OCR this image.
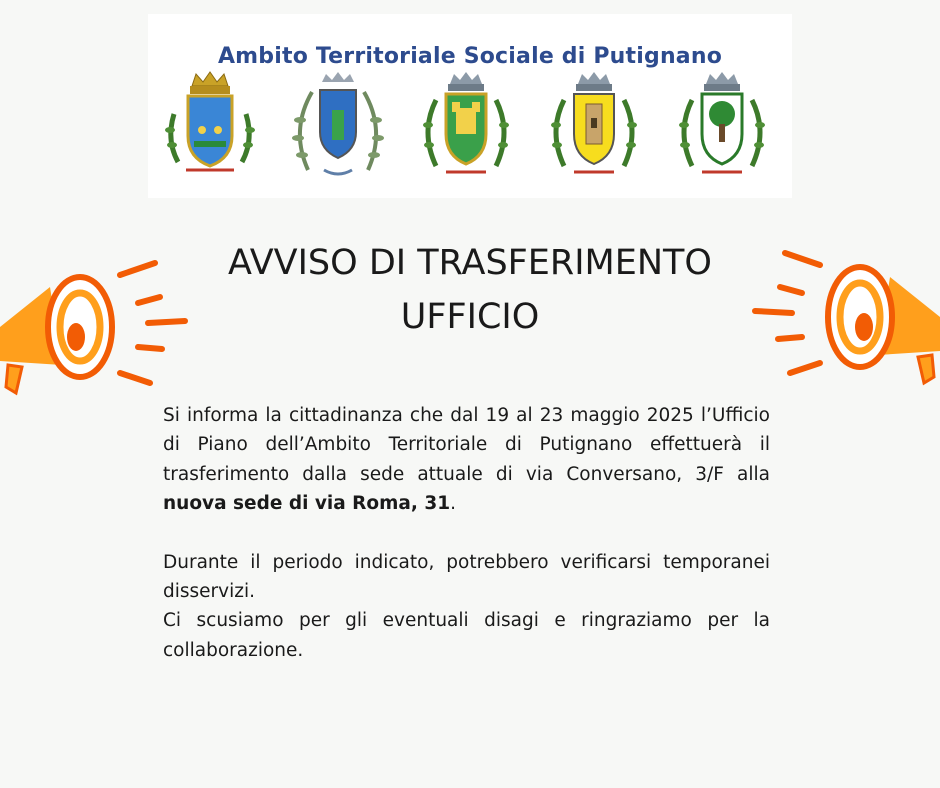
Ambito Territoriale Sociale di Putignano
AVVISO DI TRASFERIMENTO
UFFICIO

Si informa la cittadinanza che dal 19 al 23 maggio 2025 l’Ufficio di Piano dell’Ambito Territoriale di Putignano effettuerà il trasferimento dalla sede attuale di via Conversano, 3/F alla nuova sede di via Roma, 31.

Durante il periodo indicato, potrebbero verificarsi temporanei disservizi.

Ci scusiamo per gli eventuali disagi e ringraziamo per la collaborazione.
